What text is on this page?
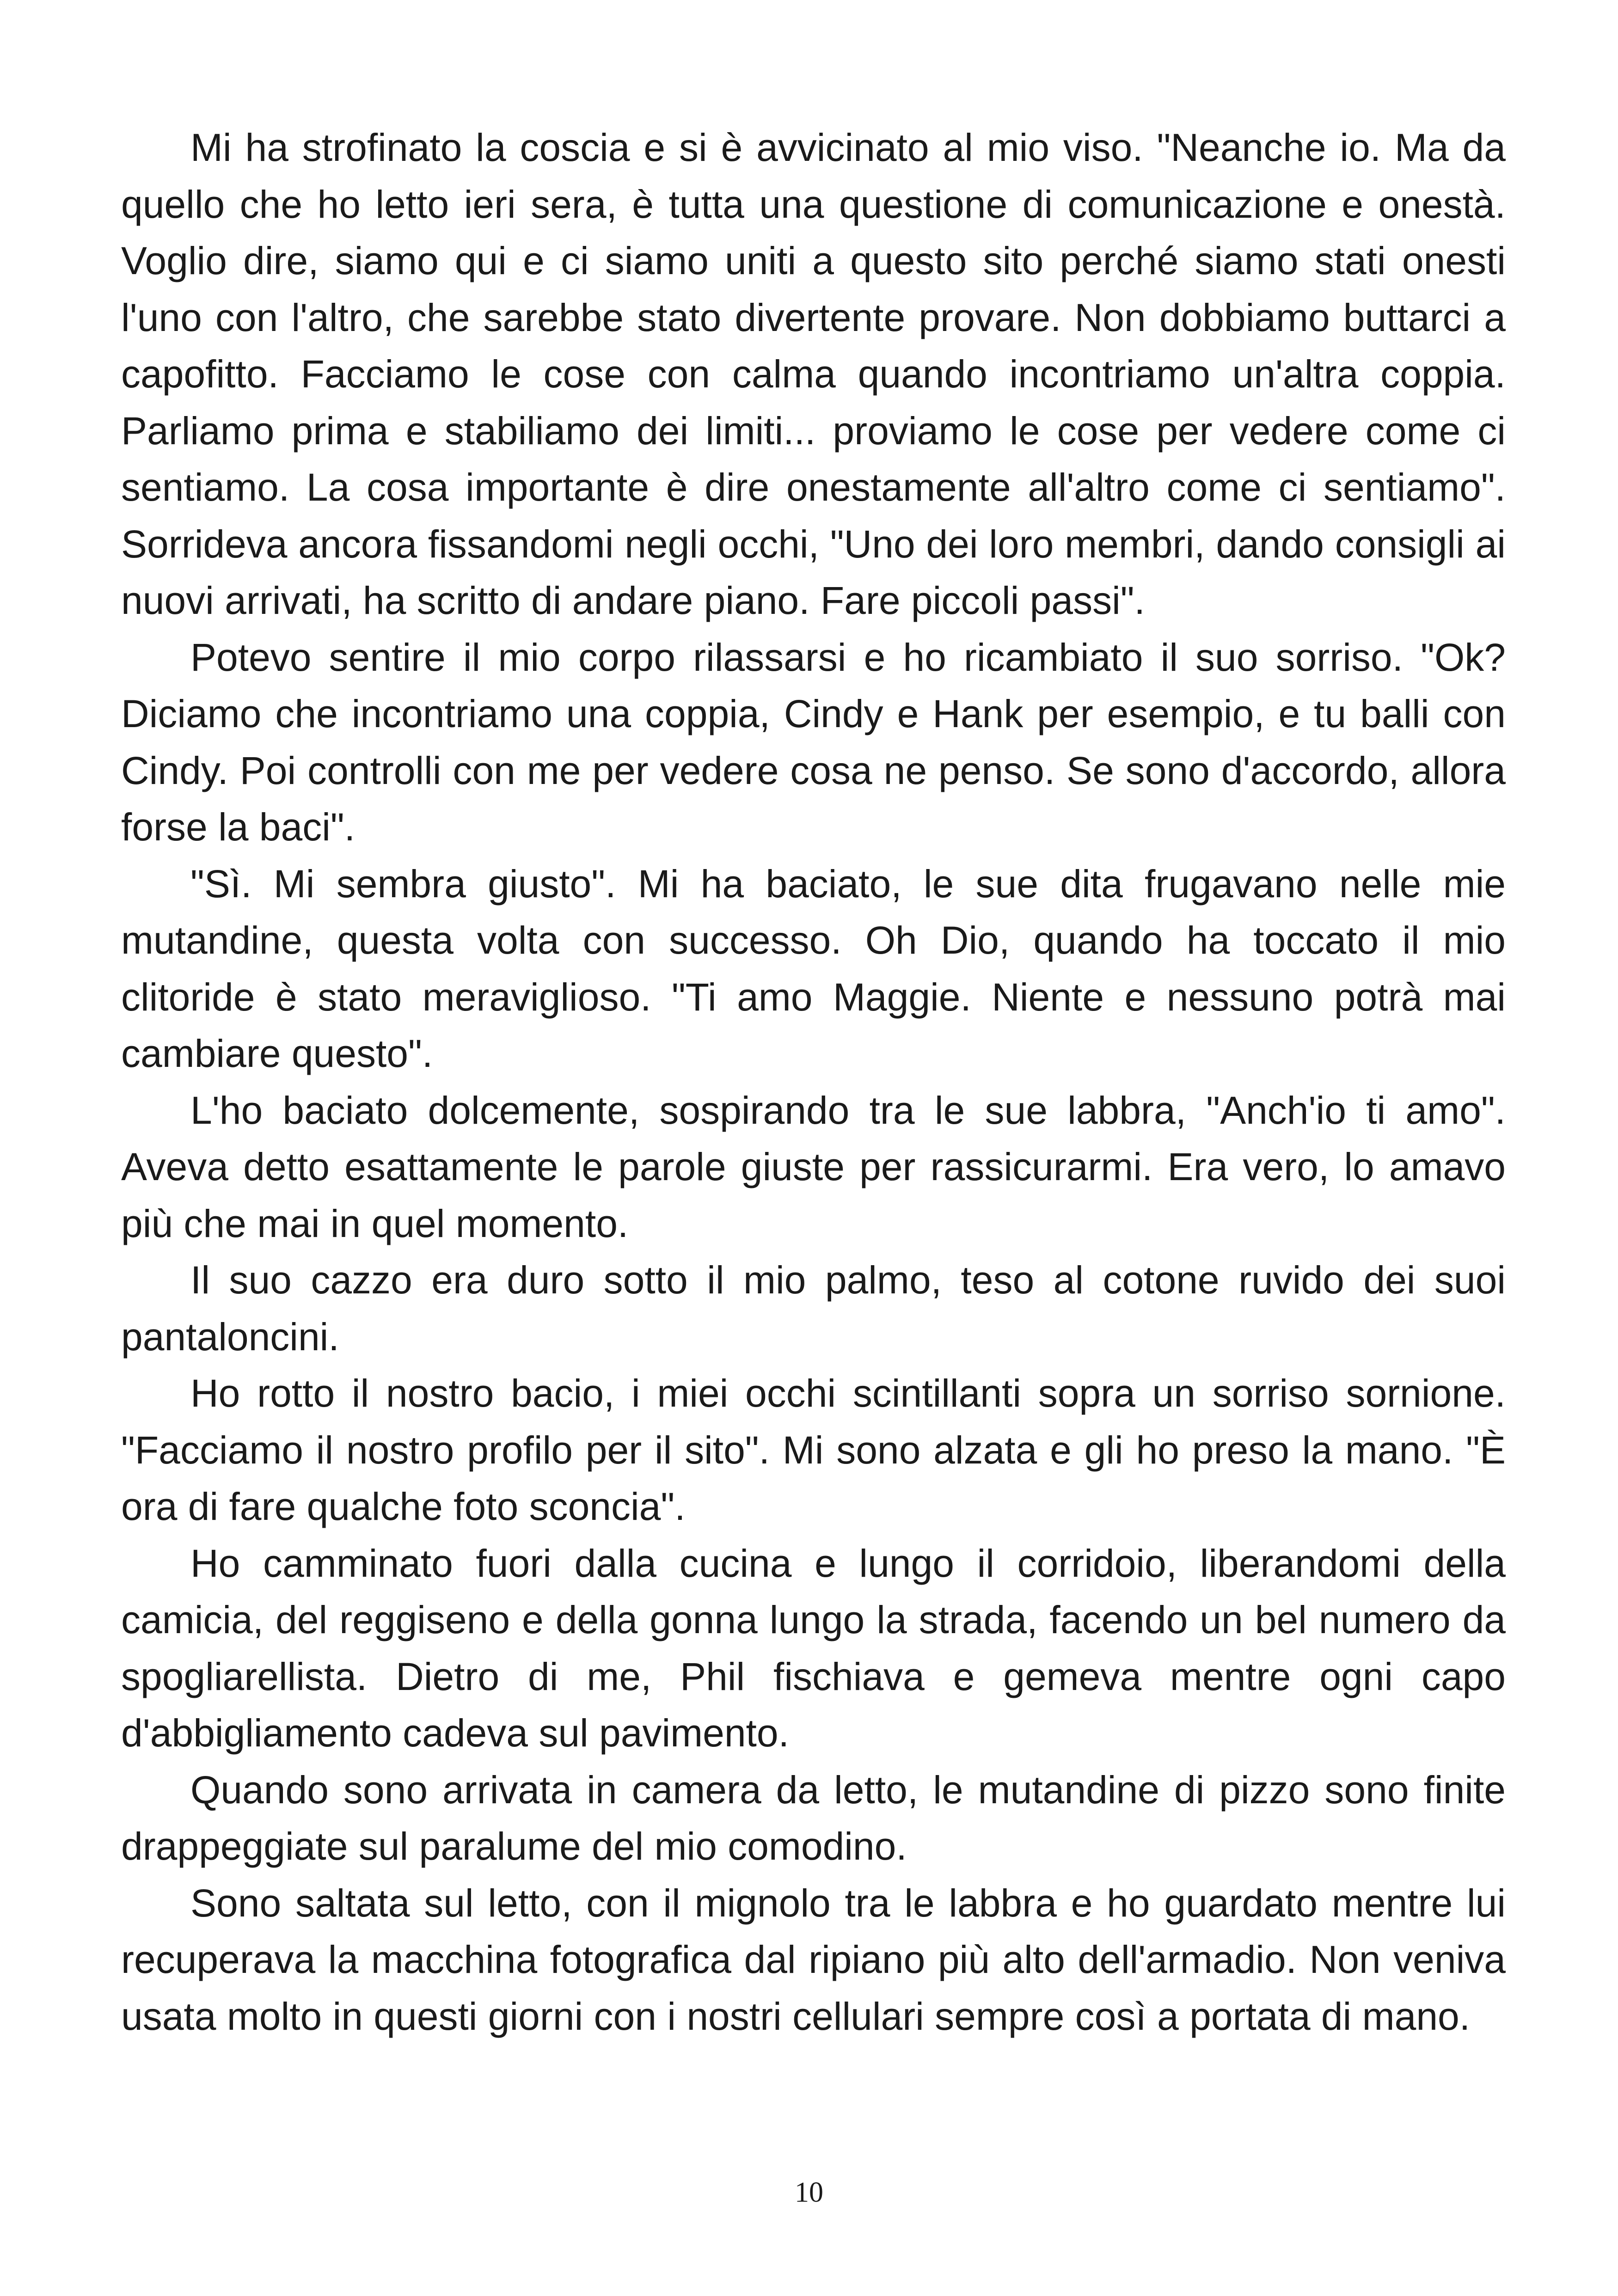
Mi ha strofinato la coscia e si è avvicinato al mio viso. "Neanche io. Ma da quello che ho letto ieri sera, è tutta una questione di comunicazione e onestà. Voglio dire, siamo qui e ci siamo uniti a questo sito perché siamo stati onesti l'uno con l'altro, che sarebbe stato divertente provare. Non dobbiamo buttarci a capofitto. Facciamo le cose con calma quando incontriamo un'altra coppia. Parliamo prima e stabiliamo dei limiti... proviamo le cose per vedere come ci sentiamo. La cosa importante è dire onestamente all'altro come ci sentiamo". Sorrideva ancora fissandomi negli occhi, "Uno dei loro membri, dando consigli ai nuovi arrivati, ha scritto di andare piano. Fare piccoli passi".

Potevo sentire il mio corpo rilassarsi e ho ricambiato il suo sorriso. "Ok? Diciamo che incontriamo una coppia, Cindy e Hank per esempio, e tu balli con Cindy. Poi controlli con me per vedere cosa ne penso. Se sono d'accordo, allora forse la baci".

"Sì. Mi sembra giusto". Mi ha baciato, le sue dita frugavano nelle mie mutandine, questa volta con successo. Oh Dio, quando ha toccato il mio clitoride è stato meraviglioso. "Ti amo Maggie. Niente e nessuno potrà mai cambiare questo".

L'ho baciato dolcemente, sospirando tra le sue labbra, "Anch'io ti amo". Aveva detto esattamente le parole giuste per rassicurarmi. Era vero, lo amavo più che mai in quel momento.

Il suo cazzo era duro sotto il mio palmo, teso al cotone ruvido dei suoi pantaloncini.

Ho rotto il nostro bacio, i miei occhi scintillanti sopra un sorriso sornione. "Facciamo il nostro profilo per il sito". Mi sono alzata e gli ho preso la mano. "È ora di fare qualche foto sconcia".

Ho camminato fuori dalla cucina e lungo il corridoio, liberandomi della camicia, del reggiseno e della gonna lungo la strada, facendo un bel numero da spogliarellista. Dietro di me, Phil fischiava e gemeva mentre ogni capo d'abbigliamento cadeva sul pavimento.

Quando sono arrivata in camera da letto, le mutandine di pizzo sono finite drappeggiate sul paralume del mio comodino.

Sono saltata sul letto, con il mignolo tra le labbra e ho guardato mentre lui recuperava la macchina fotografica dal ripiano più alto dell'armadio. Non veniva usata molto in questi giorni con i nostri cellulari sempre così a portata di mano.

10
